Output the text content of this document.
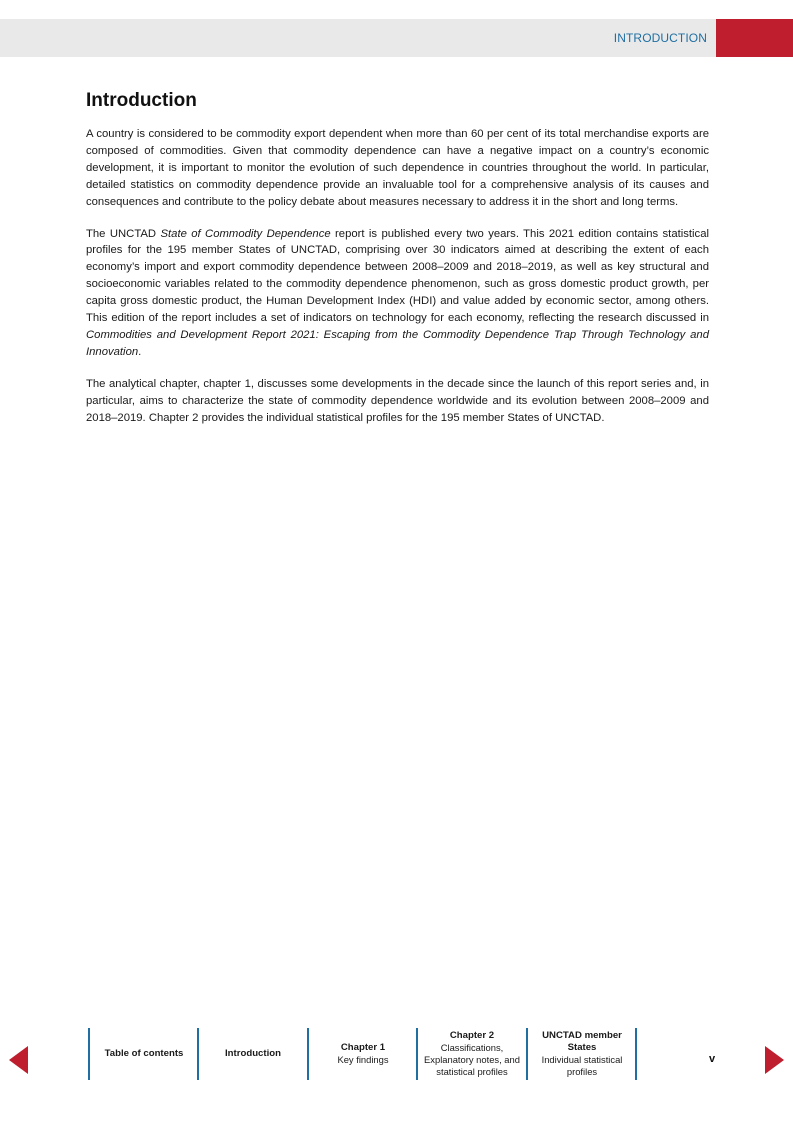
INTRODUCTION
Introduction

A country is considered to be commodity export dependent when more than 60 per cent of its total merchandise exports are composed of commodities. Given that commodity dependence can have a negative impact on a country’s economic development, it is important to monitor the evolution of such dependence in countries throughout the world. In particular, detailed statistics on commodity dependence provide an invaluable tool for a comprehensive analysis of its causes and consequences and contribute to the policy debate about measures necessary to address it in the short and long terms.

The UNCTAD State of Commodity Dependence report is published every two years. This 2021 edition contains statistical profiles for the 195 member States of UNCTAD, comprising over 30 indicators aimed at describing the extent of each economy’s import and export commodity dependence between 2008–2009 and 2018–2019, as well as key structural and socioeconomic variables related to the commodity dependence phenomenon, such as gross domestic product growth, per capita gross domestic product, the Human Development Index (HDI) and value added by economic sector, among others. This edition of the report includes a set of indicators on technology for each economy, reflecting the research discussed in Commodities and Development Report 2021: Escaping from the Commodity Dependence Trap Through Technology and Innovation.

The analytical chapter, chapter 1, discusses some developments in the decade since the launch of this report series and, in particular, aims to characterize the state of commodity dependence worldwide and its evolution between 2008–2009 and 2018–2019. Chapter 2 provides the individual statistical profiles for the 195 member States of UNCTAD.

Table of contents	Introduction
Chapter 1
Key findings
Chapter 2
Classifications, Explanatory notes, and statistical profiles
UNCTAD member States
Individual statistical profiles
v
